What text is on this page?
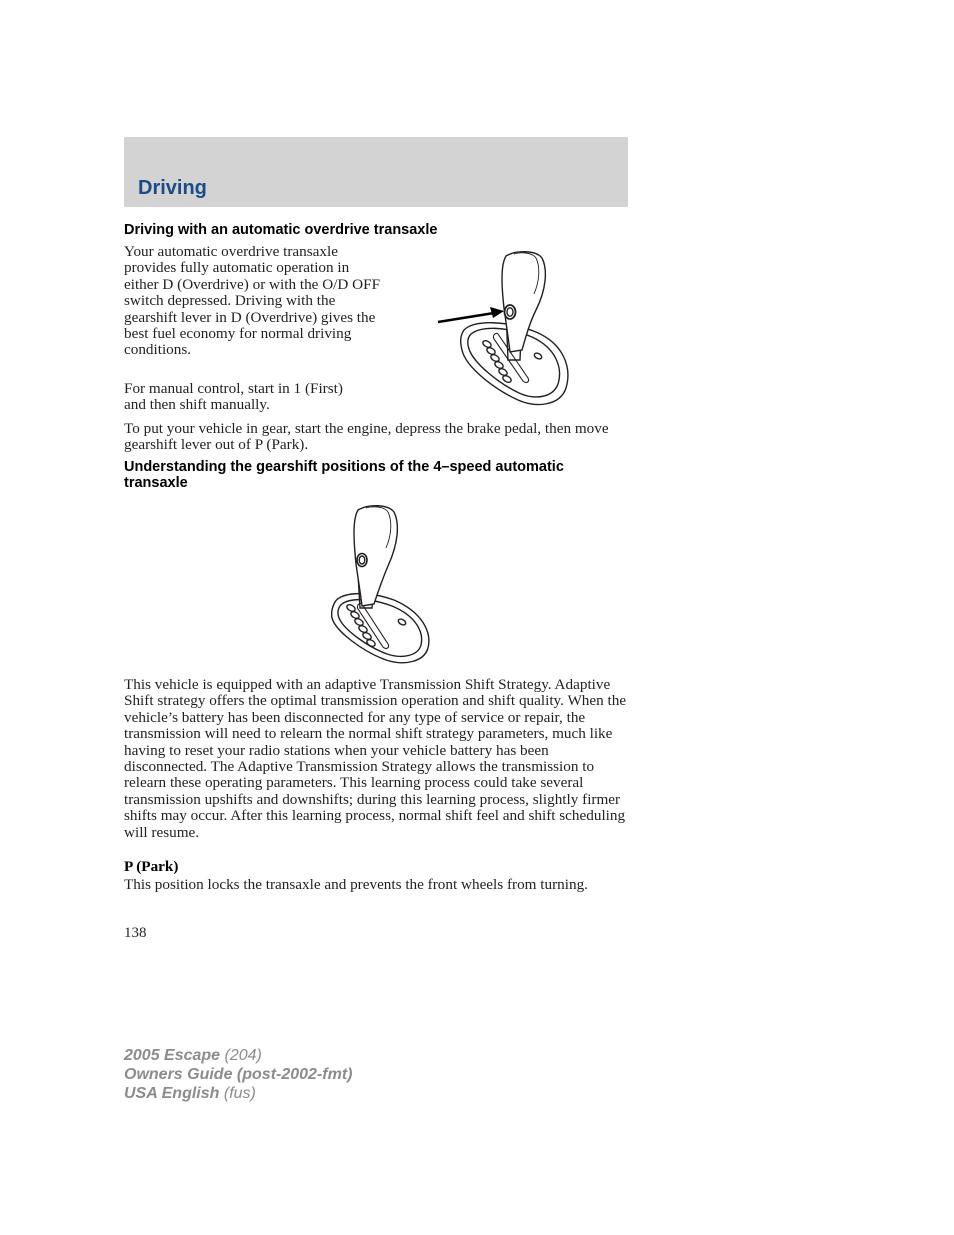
Driving
Driving with an automatic overdrive transaxle

Your automatic overdrive transaxle provides fully automatic operation in either D (Overdrive) or with the O/D OFF switch depressed. Driving with the gearshift lever in D (Overdrive) gives the best fuel economy for normal driving conditions.

For manual control, start in 1 (First) and then shift manually.

To put your vehicle in gear, start the engine, depress the brake pedal, then move gearshift lever out of P (Park).

Understanding the gearshift positions of the 4–speed automatic transaxle

This vehicle is equipped with an adaptive Transmission Shift Strategy. Adaptive Shift strategy offers the optimal transmission operation and shift quality. When the vehicle’s battery has been disconnected for any type of service or repair, the transmission will need to relearn the normal shift strategy parameters, much like having to reset your radio stations when your vehicle battery has been disconnected. The Adaptive Transmission Strategy allows the transmission to relearn these operating parameters. This learning process could take several transmission upshifts and downshifts; during this learning process, slightly firmer shifts may occur. After this learning process, normal shift feel and shift scheduling will resume.

P (Park)

This position locks the transaxle and prevents the front wheels from turning.

138

2005 Escape (204)
Owners Guide (post-2002-fmt)
USA English (fus)
